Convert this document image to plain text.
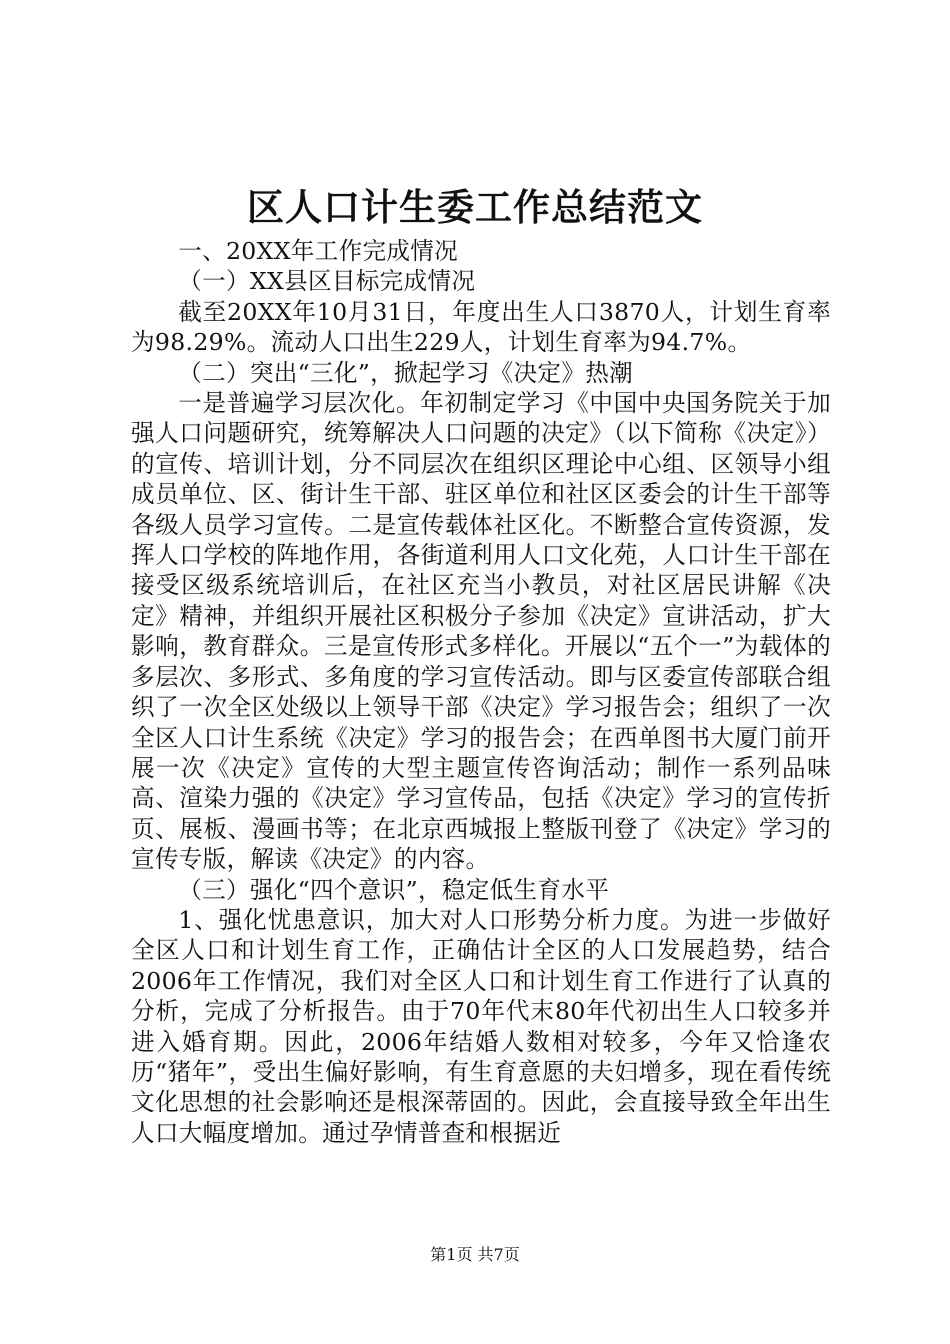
区人口计生委工作总结范文

一、20XX年工作完成情况

（一）XX县区目标完成情况

截至20XX年10月31日，年度出生人口3870人，计划生育率为98.29%。流动人口出生229人，计划生育率为94.7%。

（二）突出“三化”，掀起学习《决定》热潮

一是普遍学习层次化。年初制定学习《中国中央国务院关于加强人口问题研究，统筹解决人口问题的决定》（以下简称《决定》）的宣传、培训计划，分不同层次在组织区理论中心组、区领导小组成员单位、区、街计生干部、驻区单位和社区区委会的计生干部等各级人员学习宣传。二是宣传载体社区化。不断整合宣传资源，发挥人口学校的阵地作用，各街道利用人口文化苑，人口计生干部在接受区级系统培训后，在社区充当小教员，对社区居民讲解《决定》精神，并组织开展社区积极分子参加《决定》宣讲活动，扩大影响，教育群众。三是宣传形式多样化。开展以“五个一”为载体的多层次、多形式、多角度的学习宣传活动。即与区委宣传部联合组织了一次全区处级以上领导干部《决定》学习报告会；组织了一次全区人口计生系统《决定》学习的报告会；在西单图书大厦门前开展一次《决定》宣传的大型主题宣传咨询活动；制作一系列品味高、渲染力强的《决定》学习宣传品，包括《决定》学习的宣传折页、展板、漫画书等；在北京西城报上整版刊登了《决定》学习的宣传专版，解读《决定》的内容。

（三）强化“四个意识”，稳定低生育水平

1、强化忧患意识，加大对人口形势分析力度。为进一步做好全区人口和计划生育工作，正确估计全区的人口发展趋势，结合2006年工作情况，我们对全区人口和计划生育工作进行了认真的分析，完成了分析报告。由于70年代末80年代初出生人口较多并进入婚育期。因此，2006年结婚人数相对较多，今年又恰逢农历“猪年”，受出生偏好影响，有生育意愿的夫妇增多，现在看传统文化思想的社会影响还是根深蒂固的。因此，会直接导致全年出生人口大幅度增加。通过孕情普查和根据近

第1页 共7页
